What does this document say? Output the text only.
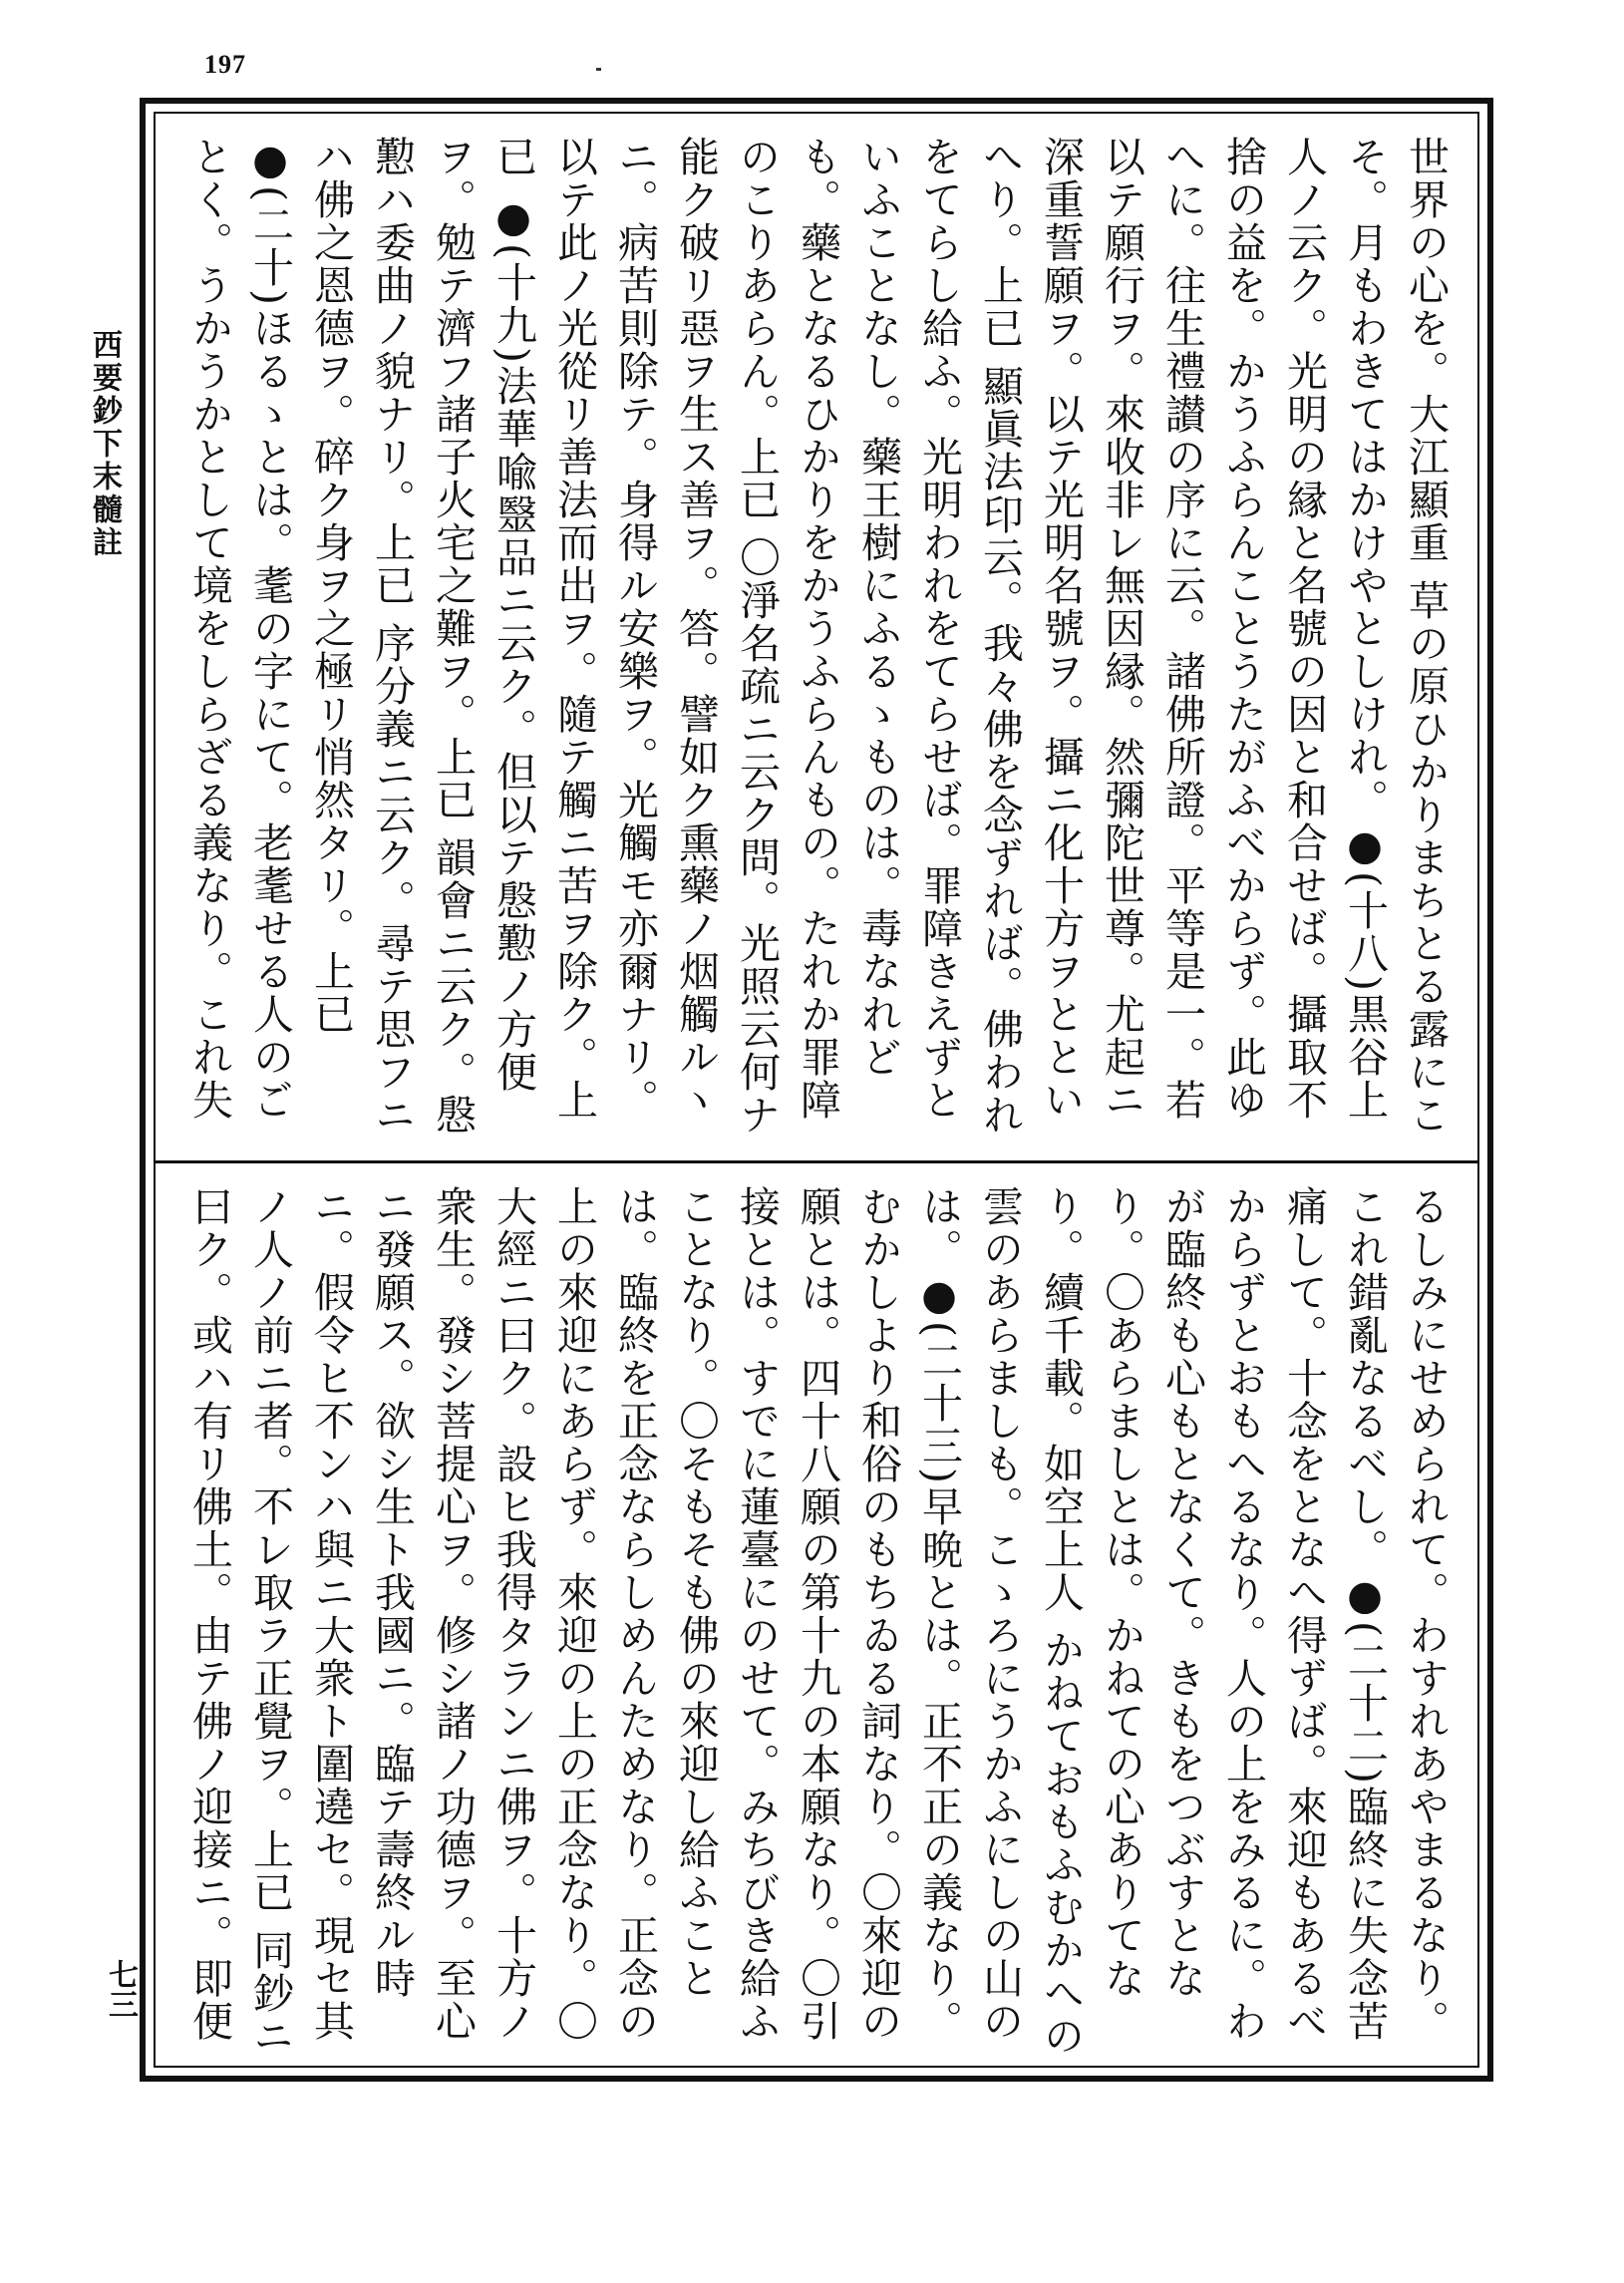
197
西要鈔下末髓註
七三

世界の心を。大江顯重 草の原ひかりまちとる露にこそ。月もわきてはかけやとしけれ。●(十八)黒谷上人ノ云ク。光明の縁と名號の因と和合せば。攝取不捨の益を。かうふらんことうたがふべからず。此ゆへに。往生禮讃の序に云。諸佛所證。平等是一。若以テ願行ヲ。來收非レ無因縁。然彌陀世尊。尤起ニ深重誓願ヲ。以テ光明名號ヲ。攝ニ化十方ヲとといへり。上已 顯眞法印云。我々佛を念ずれば。佛われをてらし給ふ。光明われをてらせば。罪障きえずといふことなし。藥王樹にふるゝものは。毒なれども。藥となるひかりをかうふらんもの。たれか罪障のこりあらん。上已 〇淨名疏ニ云ク問。光照云何ナ能ク破リ惡ヲ生ス善ヲ。答。譬如ク熏藥ノ烟觸ルヽニ。病苦則除テ。身得ル安樂ヲ。光觸モ亦爾ナリ。以テ此ノ光從リ善法而出ヲ。隨テ觸ニ苦ヲ除ク。上已 ●(十九)法華喩毉品ニ云ク。但以テ慇懃ノ方便ヲ。勉テ濟フ諸子火宅之難ヲ。上已 韻會ニ云ク。慇懃ハ委曲ノ貌ナリ。上已 序分義ニ云ク。尋テ思フニハ佛之恩德ヲ。碎ク身ヲ之極リ悄然タリ。上已 ●(二十)ほるゝとは。耄の字にて。老耄せる人のごとく。うかうかとして境をしらざる義なり。これ失

るしみにせめられて。わすれあやまるなり。これ錯亂なるべし。●(二十二)臨終に失念苦痛して。十念をとなへ得ずば。來迎もあるべからずとおもへるなり。人の上をみるに。わが臨終も心もとなくて。きもをつぶすとなり。〇あらましとは。かねての心ありてなり。續千載。如空上人 かねておもふむかへの雲のあらましも。こゝろにうかふにしの山のは。●(二十三)早晩とは。正不正の義なり。むかしより和俗のもちゐる詞なり。〇來迎の願とは。四十八願の第十九の本願なり。〇引接とは。すでに蓮臺にのせて。みちびき給ふことなり。〇そもそも佛の來迎し給ふことは。臨終を正念ならしめんためなり。正念の上の來迎にあらず。來迎の上の正念なり。〇大經ニ曰ク。設ヒ我得タランニ佛ヲ。十方ノ衆生。發シ菩提心ヲ。修シ諸ノ功德ヲ。至心ニ發願ス。欲シ生ト我國ニ。臨テ壽終ル時ニ。假令ヒ不ンハ與ニ大衆ト圍遶セ。現セ其ノ人ノ前ニ者。不レ取ラ正覺ヲ。上已 同鈔ニ曰ク。或ハ有リ佛土。由テ佛ノ迎接ニ。即便
